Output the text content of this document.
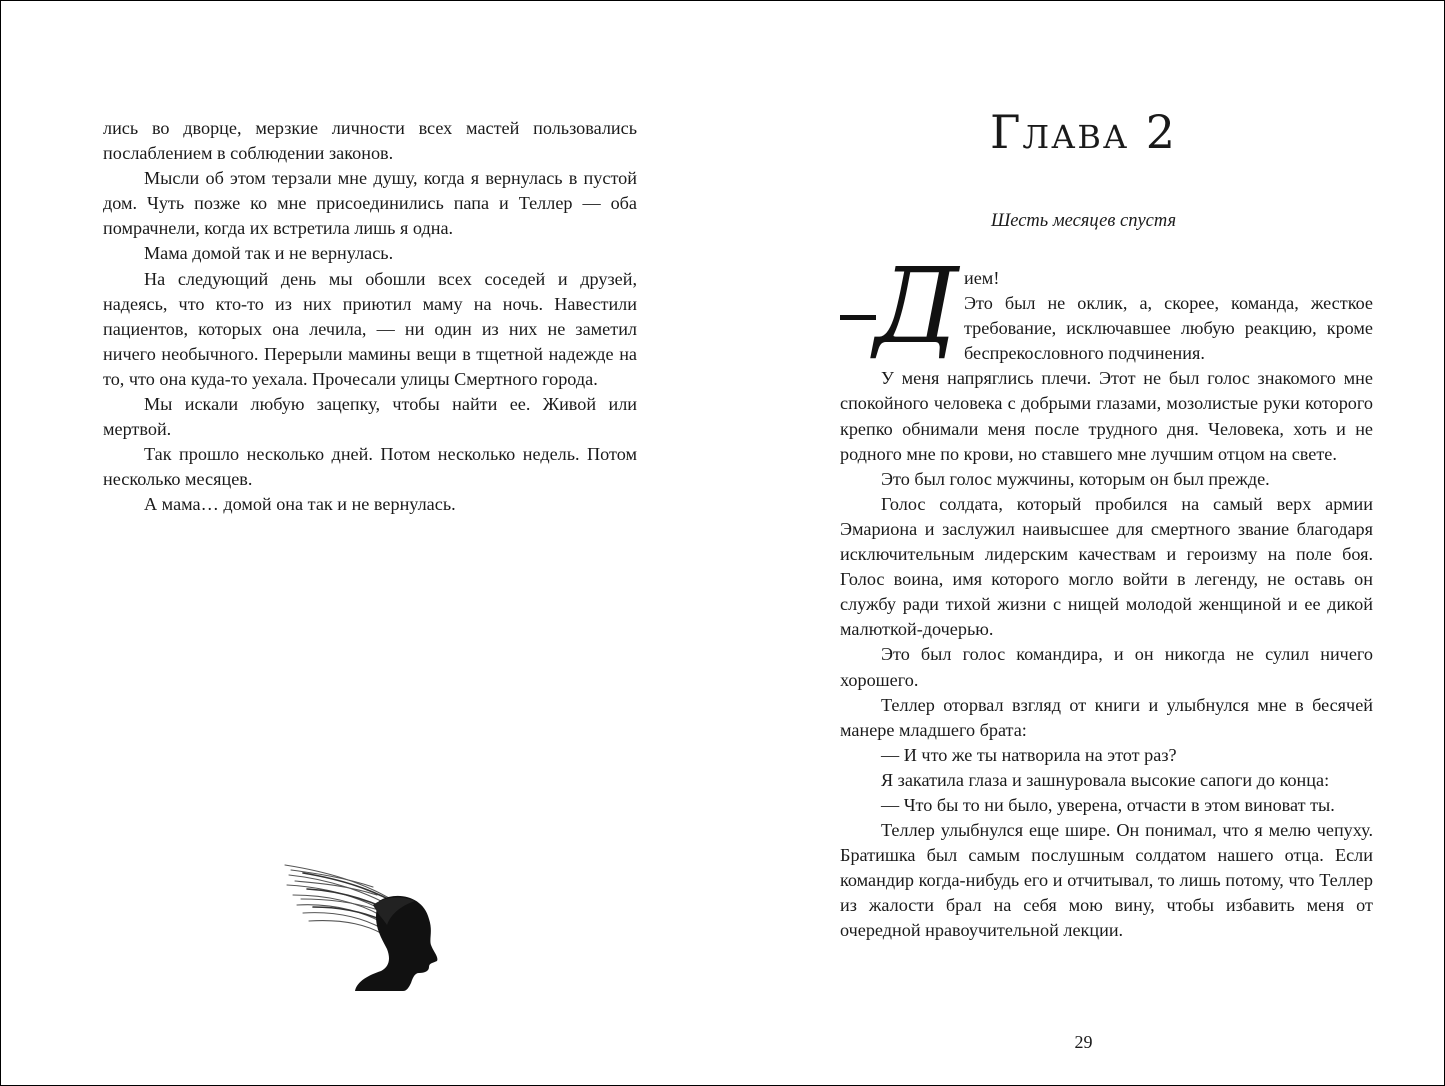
лись во дворце, мерзкие личности всех мастей пользовались послаблением в соблюдении законов.

Мысли об этом терзали мне душу, когда я вернулась в пустой дом. Чуть позже ко мне присоединились папа и Теллер — оба помрачнели, когда их встретила лишь я одна.

Мама домой так и не вернулась.

На следующий день мы обошли всех соседей и друзей, надеясь, что кто-то из них приютил маму на ночь. Навестили пациентов, которых она лечила, — ни один из них не заметил ничего необычного. Перерыли мамины вещи в тщетной надежде на то, что она куда-то уехала. Прочесали улицы Смертного города.

Мы искали любую зацепку, чтобы найти ее. Живой или мертвой.

Так прошло несколько дней. Потом несколько недель. Потом несколько месяцев.

А мама… домой она так и не вернулась.

Глава 2

Шесть месяцев спустя

Д ием!

Это был не оклик, а, скорее, команда, жесткое требование, исключавшее любую реакцию, кроме беспрекословного подчинения.

У меня напряглись плечи. Этот не был голос знакомого мне спокойного человека с добрыми глазами, мозолистые руки которого крепко обнимали меня после трудного дня. Человека, хоть и не родного мне по крови, но ставшего мне лучшим отцом на свете.

Это был голос мужчины, которым он был прежде.

Голос солдата, который пробился на самый верх армии Эмариона и заслужил наивысшее для смертного звание благодаря исключительным лидерским качествам и героизму на поле боя. Голос воина, имя которого могло войти в легенду, не оставь он службу ради тихой жизни с нищей молодой женщиной и ее дикой малюткой-дочерью.

Это был голос командира, и он никогда не сулил ничего хорошего.

Теллер оторвал взгляд от книги и улыбнулся мне в бесячей манере младшего брата:

— И что же ты натворила на этот раз?

Я закатила глаза и зашнуровала высокие сапоги до конца:

— Что бы то ни было, уверена, отчасти в этом виноват ты.

Теллер улыбнулся еще шире. Он понимал, что я мелю чепуху. Братишка был самым послушным солдатом нашего отца. Если командир когда-нибудь его и отчитывал, то лишь потому, что Теллер из жалости брал на себя мою вину, чтобы избавить меня от очередной нравоучительной лекции.

29
